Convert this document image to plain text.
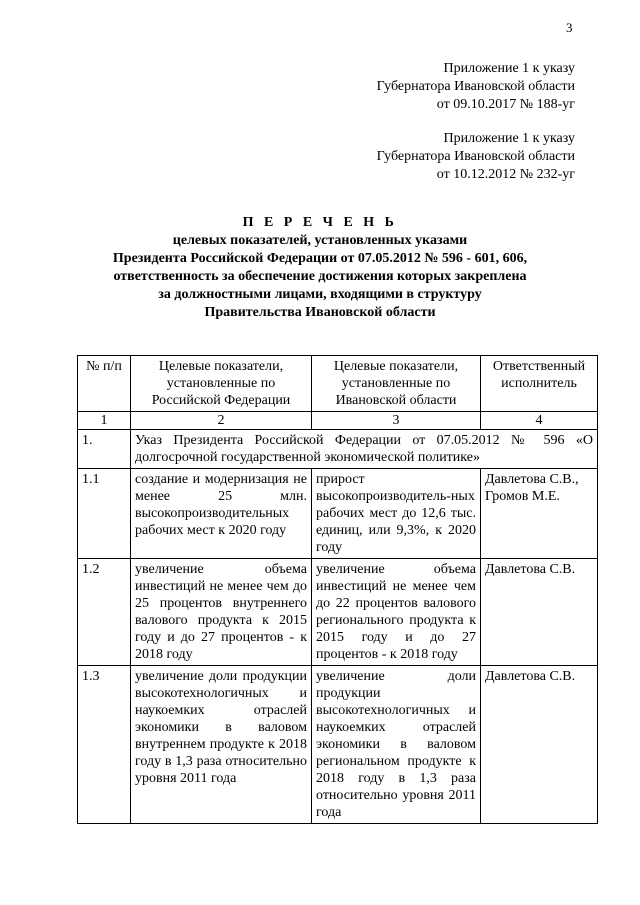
3
Приложение 1 к указу
Губернатора Ивановской области
от 09.10.2017 № 188-уг
Приложение 1 к указу
Губернатора Ивановской области
от 10.12.2012 № 232-уг
П Е Р Е Ч Е Н Ь
целевых показателей, установленных указами
Президента Российской Федерации от 07.05.2012 № 596 - 601, 606,
ответственность за обеспечение достижения которых закреплена
за должностными лицами, входящими в структуру
Правительства Ивановской области
№ п/п	Целевые показатели, установленные по Российской Федерации	Целевые показатели, установленные по Ивановской области	Ответственный исполнитель
1	2	3	4
1.	Указ Президента Российской Федерации от 07.05.2012 № 596 «О долгосрочной государственной экономической политике»		
1.1	создание и модернизация не менее 25 млн. высокопроизводительных рабочих мест к 2020 году	прирост высокопроизводитель-ных рабочих мест до 12,6 тыс. единиц, или 9,3%, к 2020 году	Давлетова С.В., Громов М.Е.
1.2	увеличение объема инвестиций не менее чем до 25 процентов внутреннего валового продукта к 2015 году и до 27 процентов - к 2018 году	увеличение объема инвестиций не менее чем до 22 процентов валового регионального продукта к 2015 году и до 27 процентов - к 2018 году	Давлетова С.В.
1.3	увеличение доли продукции высокотехнологичных и наукоемких отраслей экономики в валовом внутреннем продукте к 2018 году в 1,3 раза относительно уровня 2011 года	увеличение доли продукции высокотехнологичных и наукоемких отраслей экономики в валовом региональном продукте к 2018 году в 1,3 раза относительно уровня 2011 года	Давлетова С.В.
